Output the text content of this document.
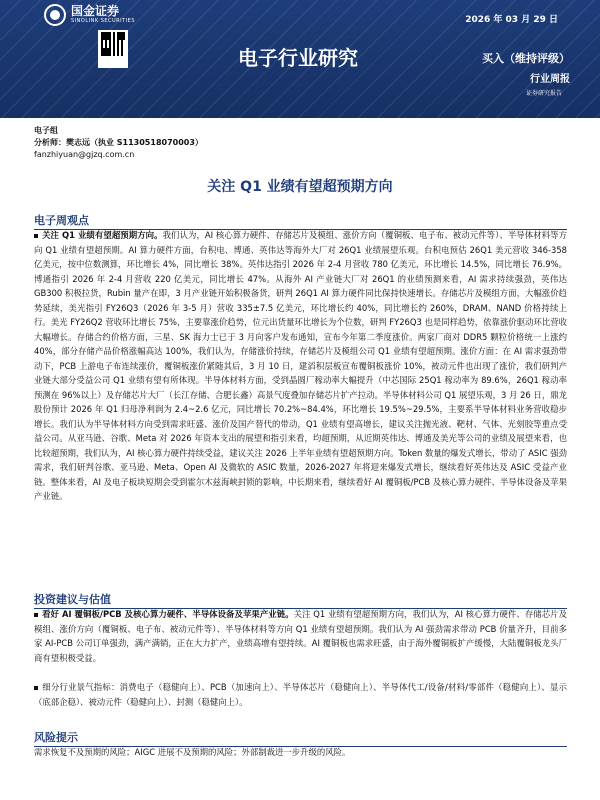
国金证券
SINOLINK SECURITIES	2026 年 03 月 29 日
电子行业研究	买入（维持评级）
行业周报
证券研究报告
电子组
分析师：樊志远（执业 S1130518070003）
fanzhiyuan@gjzq.com.cn
关注 Q1 业绩有望超预期方向
电子周观点

关注 Q1 业绩有望超预期方向。我们认为，AI 核心算力硬件、存储芯片及模组、涨价方向（覆铜板、电子布、被动元件等）、半导体材料等方向 Q1 业绩有望超预期。AI 算力硬件方面，台积电、博通、英伟达等海外大厂对 26Q1 业绩展望乐观。台积电预估 26Q1 美元营收 346-358 亿美元，按中位数测算，环比增长 4%，同比增长 38%。英伟达指引 2026 年 2-4 月营收 780 亿美元，环比增长 14.5%，同比增长 76.9%。博通指引 2026 年 2-4 月营收 220 亿美元，同比增长 47%。从海外 AI 产业链大厂对 26Q1 的业绩预测来看，AI 需求持续强劲，英伟达 GB300 积极拉货，Rubin 量产在即，3 月产业链开始积极备货，研判 26Q1 AI 算力硬件同比保持快速增长。存储芯片及模组方面，大幅涨价趋势延续，美光指引 FY26Q3（2026 年 3-5 月）营收 335±7.5 亿美元，环比增长约 40%，同比增长约 260%，DRAM、NAND 价格持续上行。美光 FY26Q2 营收环比增长 75%，主要靠涨价趋势，位元出货量环比增长为个位数，研判 FY26Q3 也是同样趋势，依靠涨价驱动环比营收大幅增长。存储合约价格方面，三星、SK 海力士已于 3 月向客户发布通知，宣布今年第二季度涨价。两家厂商对 DDR5 颗粒价格统一上涨约 40%，部分存储产品价格涨幅高达 100%，我们认为，存储涨价持续，存储芯片及模组公司 Q1 业绩有望超预期。涨价方面：在 AI 需求强劲带动下，PCB 上游电子布连续涨价，覆铜板涨价紧随其后，3 月 10 日，建滔积层板宣布覆铜板涨价 10%，被动元件也出现了涨价，我们研判产业链大部分受益公司 Q1 业绩有望有所体现。半导体材料方面，受到晶圆厂稼动率大幅提升（中芯国际 25Q1 稼动率为 89.6%，26Q1 稼动率预测在 96%以上）及存储芯片大厂（长江存储、合肥长鑫）高景气度叠加存储芯片扩产拉动。半导体材料公司 Q1 展望乐观，3 月 26 日，鼎龙股份预计 2026 年 Q1 归母净利润为 2.4~2.6 亿元，同比增长 70.2%~84.4%，环比增长 19.5%~29.5%，主要系半导体材料业务营收稳步增长。我们认为半导体材料方向受到需求旺盛、涨价及国产替代的带动，Q1 业绩有望高增长，建议关注抛光液、靶材、气体、光刻胶等重点受益公司。从亚马逊、谷歌、Meta 对 2026 年资本支出的展望和指引来看，均超预期，从近期英伟达、博通及美光等公司的业绩及展望来看，也比较超预期，我们认为，AI 核心算力硬件持续受益，建议关注 2026 上半年业绩有望超预期方向。Token 数量的爆发式增长，带动了 ASIC 强劲需求，我们研判谷歌、亚马逊、Meta、Open AI 及微软的 ASIC 数量，2026-2027 年将迎来爆发式增长，继续看好英伟达及 ASIC 受益产业链。整体来看，AI 及电子板块短期会受到霍尔木兹海峡封锁的影响，中长期来看，继续看好 AI 覆铜板/PCB 及核心算力硬件、半导体设备及苹果产业链。

投资建议与估值

看好 AI 覆铜板/PCB 及核心算力硬件、半导体设备及苹果产业链。关注 Q1 业绩有望超预期方向，我们认为，AI 核心算力硬件、存储芯片及模组、涨价方向（覆铜板、电子布、被动元件等）、半导体材料等方向 Q1 业绩有望超预期。我们认为 AI 强劲需求带动 PCB 价量齐升，目前多家 AI-PCB 公司订单强劲，满产满销，正在大力扩产，业绩高增有望持续。AI 覆铜板也需求旺盛，由于海外覆铜板扩产缓慢，大陆覆铜板龙头厂商有望积极受益。

细分行业景气指标：消费电子（稳健向上）、PCB（加速向上）、半导体芯片（稳健向上）、半导体代工/设备/材料/零部件（稳健向上）、显示（底部企稳）、被动元件（稳健向上）、封测（稳健向上）。

风险提示

需求恢复不及预期的风险；AIGC 进展不及预期的风险；外部制裁进一步升级的风险。
